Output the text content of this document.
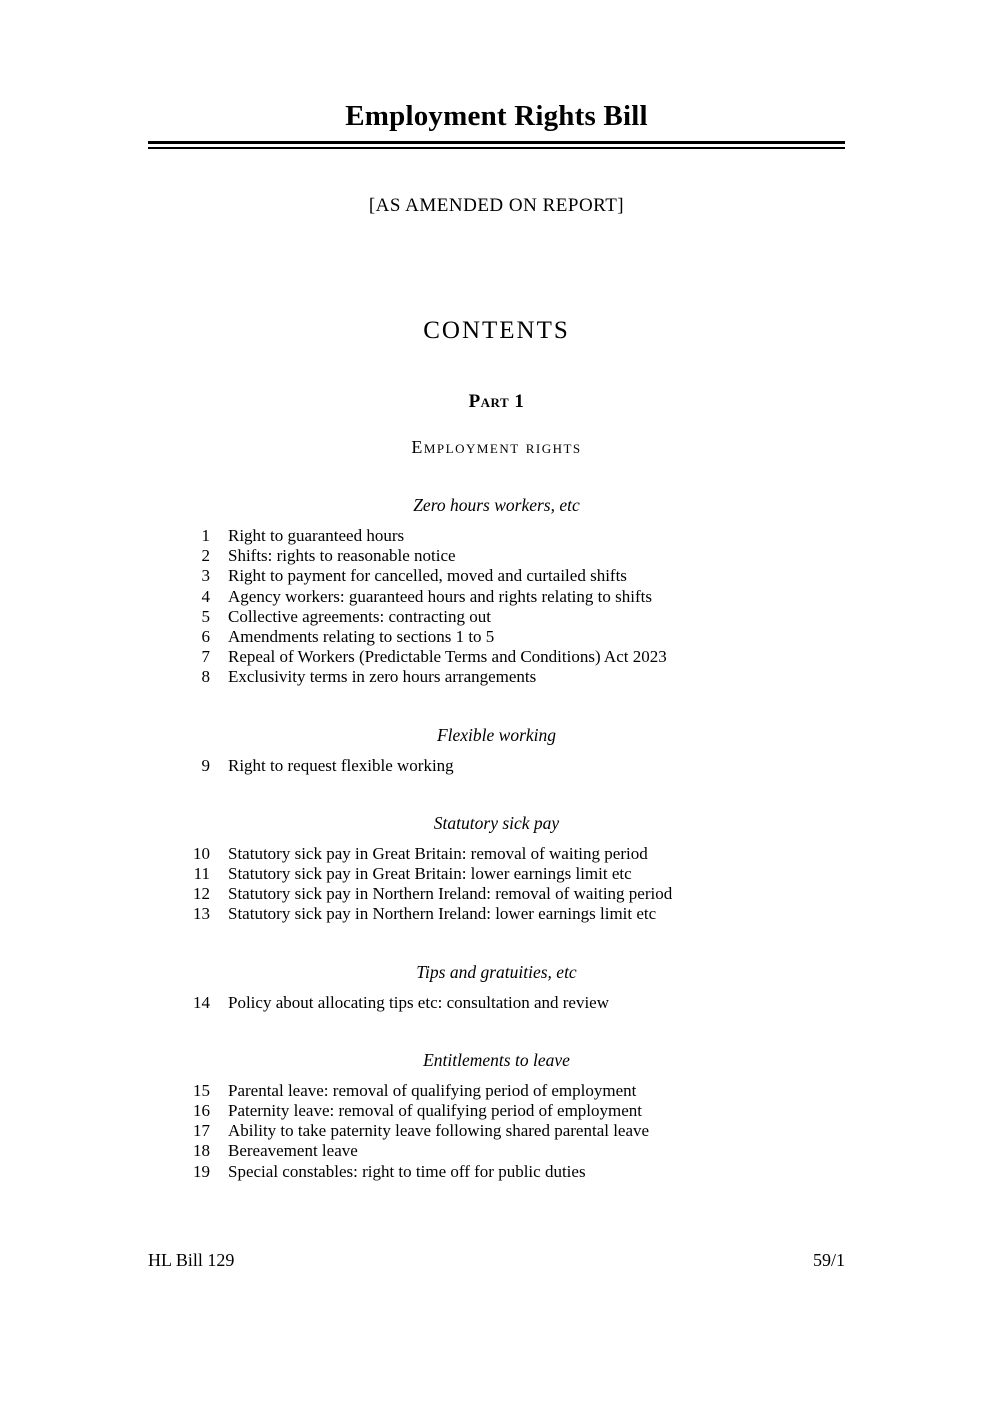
Employment Rights Bill
[AS AMENDED ON REPORT]
CONTENTS
Part 1
Employment rights
Zero hours workers, etc
1	Right to guaranteed hours
2	Shifts: rights to reasonable notice
3	Right to payment for cancelled, moved and curtailed shifts
4	Agency workers: guaranteed hours and rights relating to shifts
5	Collective agreements: contracting out
6	Amendments relating to sections 1 to 5
7	Repeal of Workers (Predictable Terms and Conditions) Act 2023
8	Exclusivity terms in zero hours arrangements
Flexible working
9	Right to request flexible working
Statutory sick pay
10	Statutory sick pay in Great Britain: removal of waiting period
11	Statutory sick pay in Great Britain: lower earnings limit etc
12	Statutory sick pay in Northern Ireland: removal of waiting period
13	Statutory sick pay in Northern Ireland: lower earnings limit etc
Tips and gratuities, etc
14	Policy about allocating tips etc: consultation and review
Entitlements to leave
15	Parental leave: removal of qualifying period of employment
16	Paternity leave: removal of qualifying period of employment
17	Ability to take paternity leave following shared parental leave
18	Bereavement leave
19	Special constables: right to time off for public duties
HL Bill 129	59/1
